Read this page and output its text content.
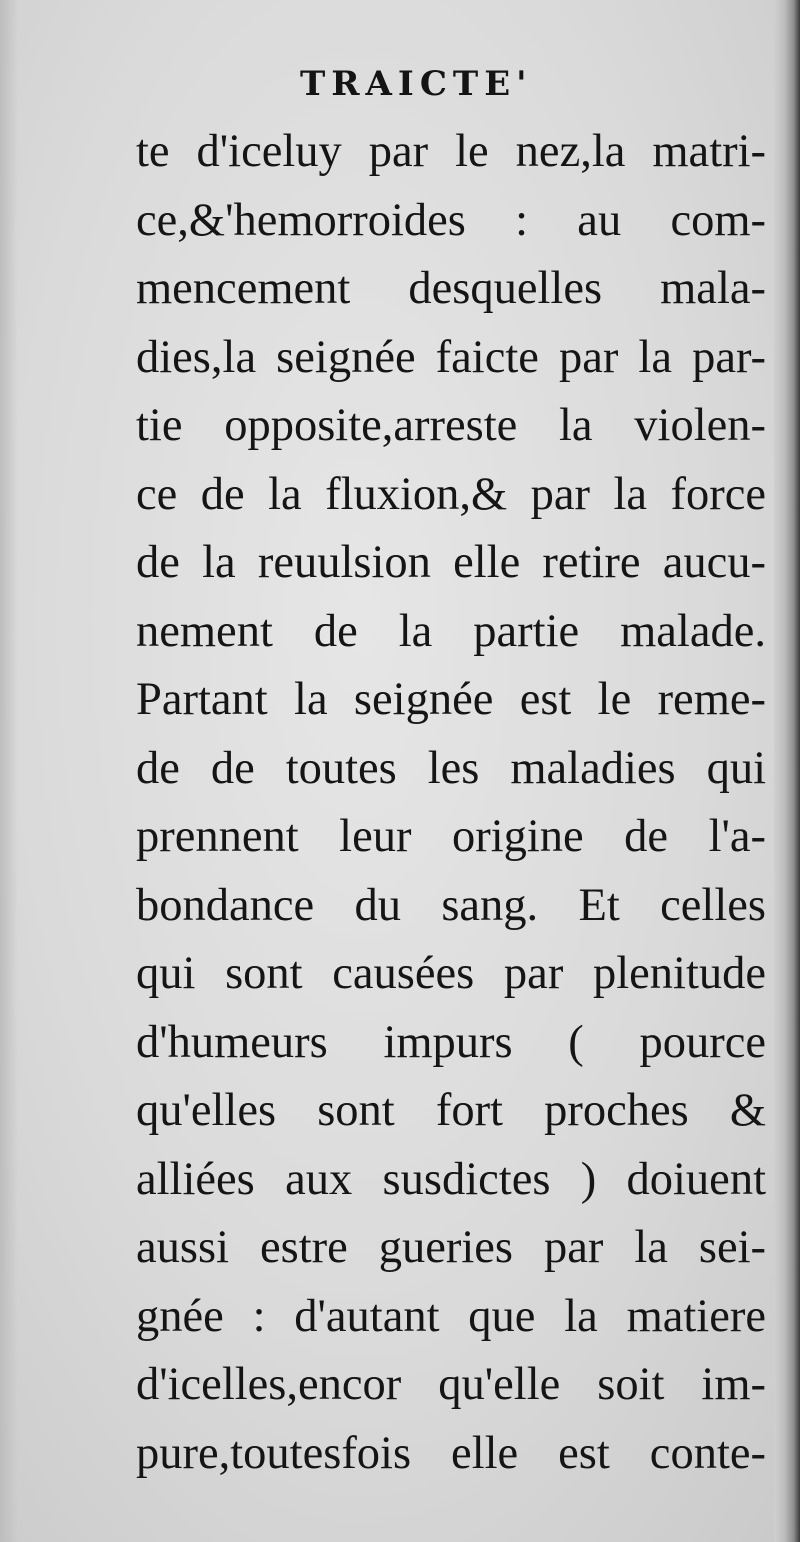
TRAICTE'
te d'iceluy par le nez,la matri-
ce,&'hemorroides : au com-
mencement desquelles mala-
dies,la seignée faicte par la par-
tie opposite,arreste la violen-
ce de la fluxion,& par la force
de la reuulsion elle retire aucu-
nement de la partie malade.
Partant la seignée est le reme-
de de toutes les maladies qui
prennent leur origine de l'a-
bondance du sang. Et celles
qui sont causées par plenitude
d'humeurs impurs ( pource
qu'elles sont fort proches &
alliées aux susdictes ) doiuent
aussi estre gueries par la sei-
gnée : d'autant que la matiere
d'icelles,encor qu'elle soit im-
pure,toutesfois elle est conte-
